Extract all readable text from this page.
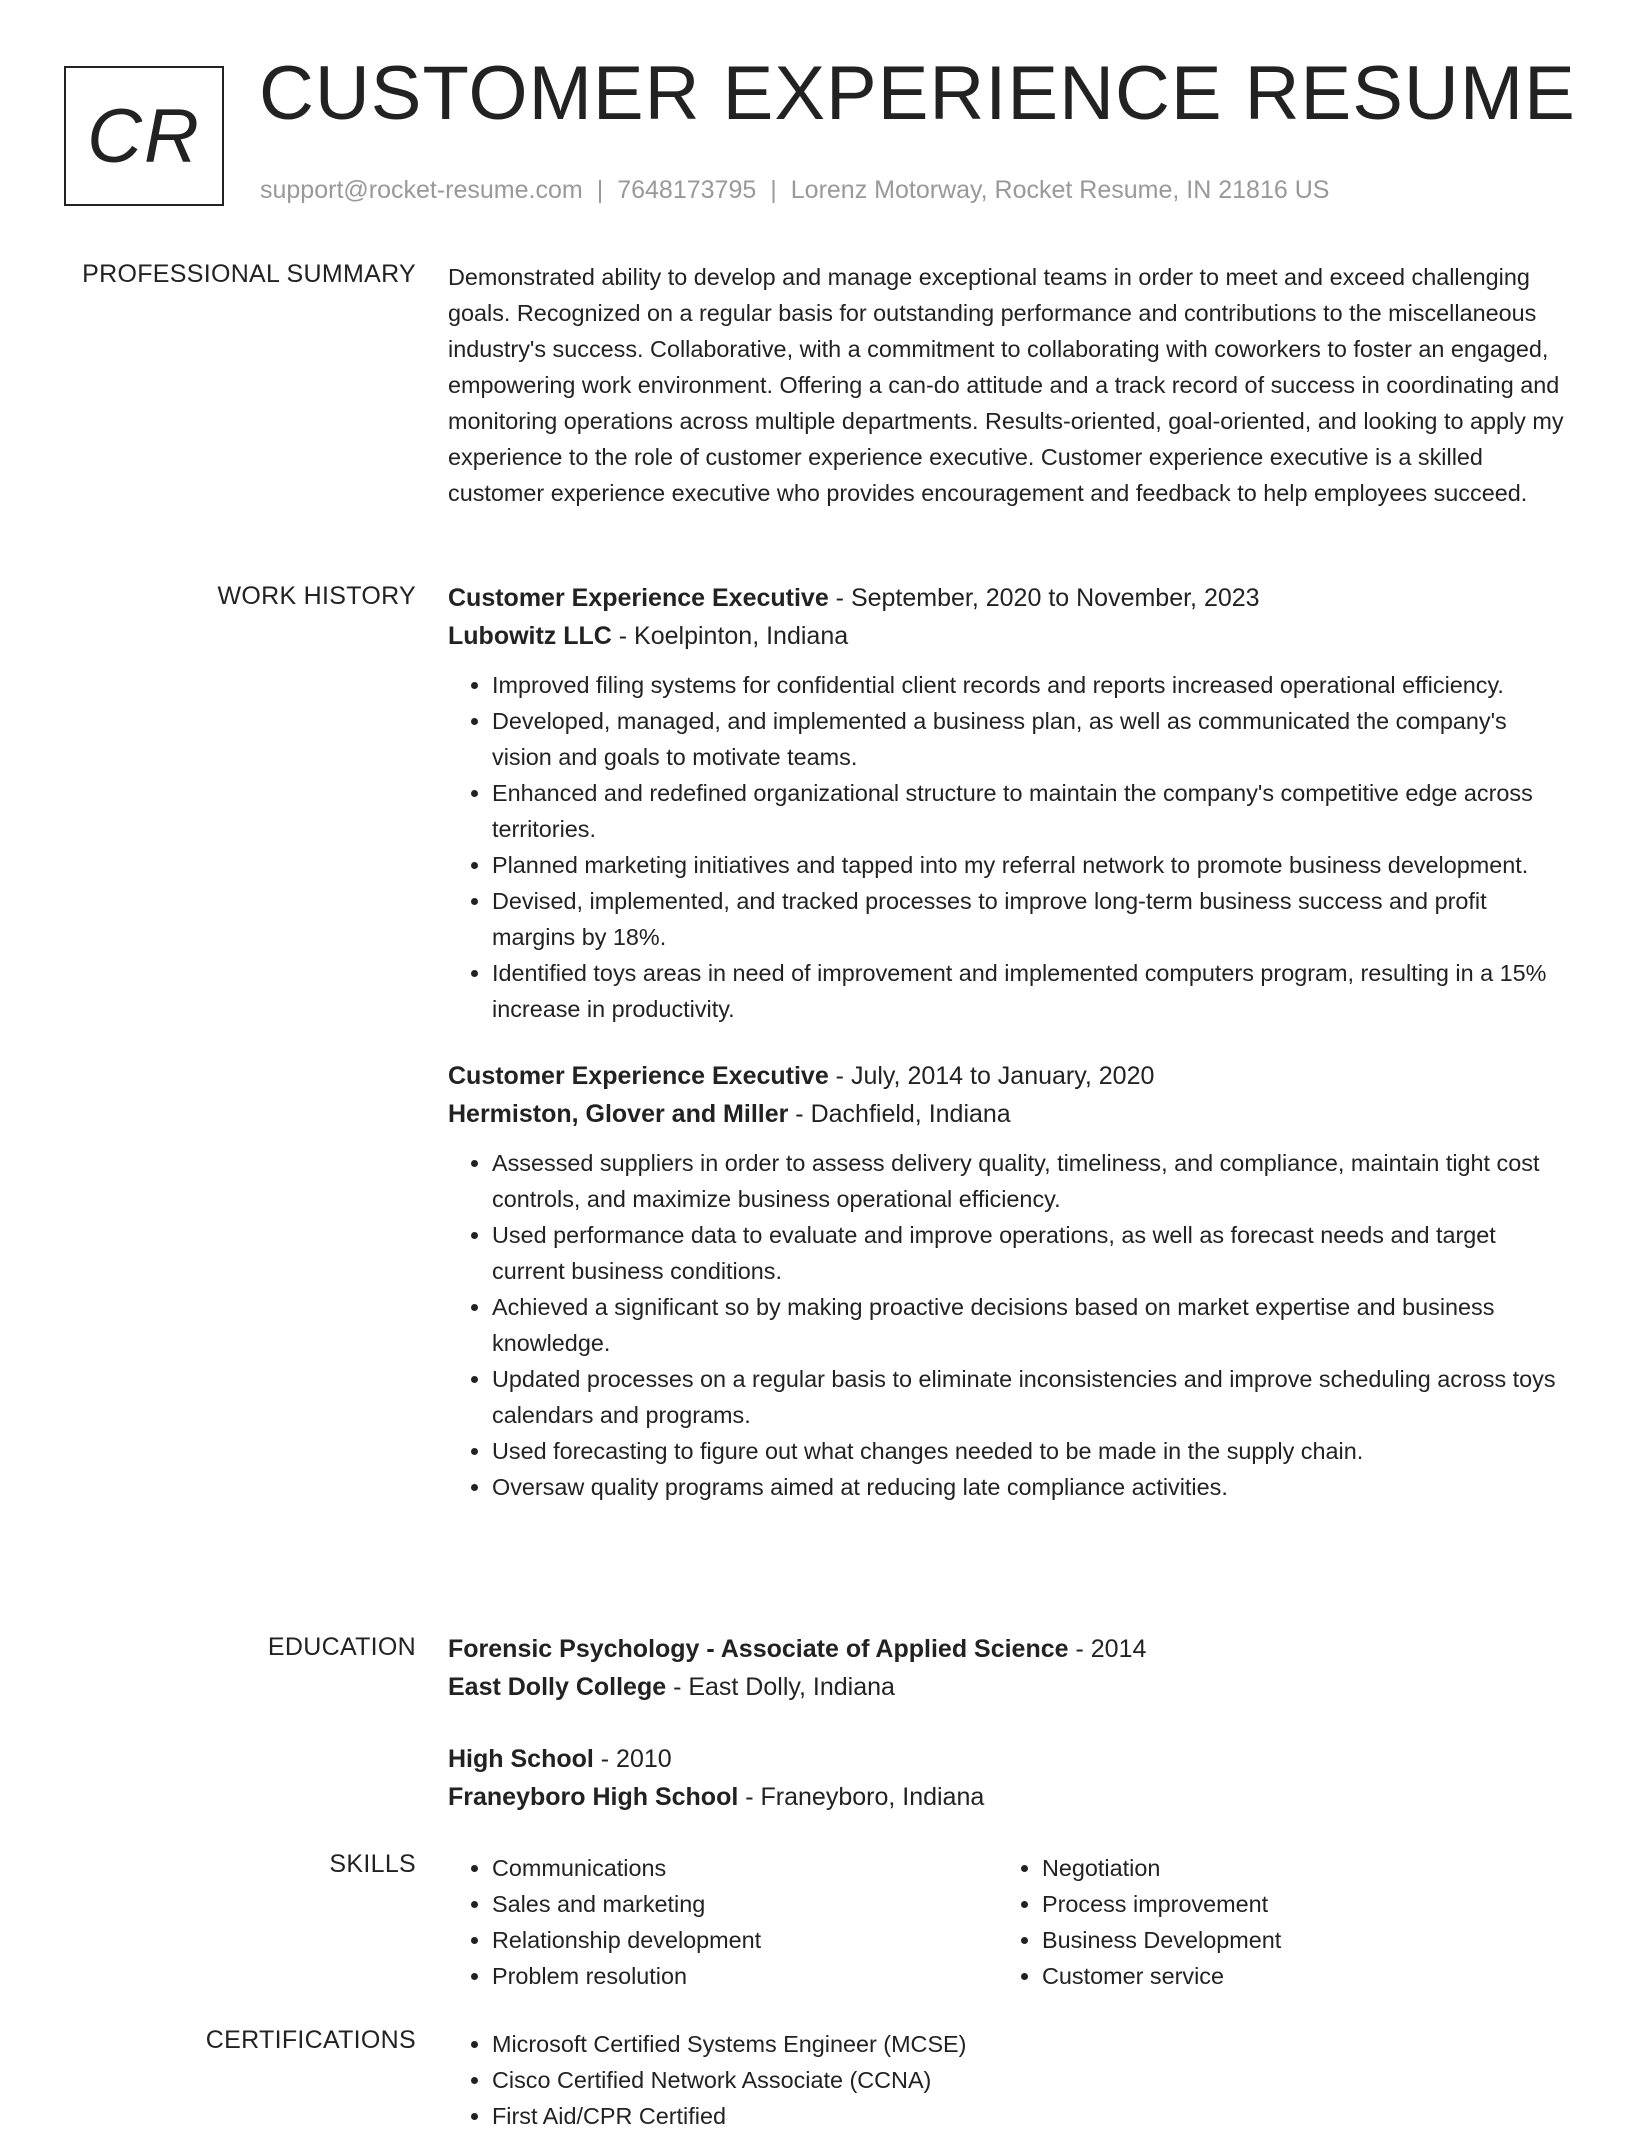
CR CUSTOMER EXPERIENCE RESUME
support@rocket-resume.com | 7648173795 | Lorenz Motorway, Rocket Resume, IN 21816 US
PROFESSIONAL SUMMARY Demonstrated ability to develop and manage exceptional teams in order to meet and exceed challenging goals. Recognized on a regular basis for outstanding performance and contributions to the miscellaneous industry's success. Collaborative, with a commitment to collaborating with coworkers to foster an engaged, empowering work environment. Offering a can-do attitude and a track record of success in coordinating and monitoring operations across multiple departments. Results-oriented, goal-oriented, and looking to apply my experience to the role of customer experience executive. Customer experience executive is a skilled customer experience executive who provides encouragement and feedback to help employees succeed.

WORK HISTORY Customer Experience Executive - September, 2020 to November, 2023
Lubowitz LLC - Koelpinton, Indiana
• Improved filing systems for confidential client records and reports increased operational efficiency.
• Developed, managed, and implemented a business plan, as well as communicated the company's vision and goals to motivate teams.
• Enhanced and redefined organizational structure to maintain the company's competitive edge across territories.
• Planned marketing initiatives and tapped into my referral network to promote business development.
• Devised, implemented, and tracked processes to improve long-term business success and profit margins by 18%.
• Identified toys areas in need of improvement and implemented computers program, resulting in a 15% increase in productivity.
Customer Experience Executive - July, 2014 to January, 2020
Hermiston, Glover and Miller - Dachfield, Indiana
• Assessed suppliers in order to assess delivery quality, timeliness, and compliance, maintain tight cost controls, and maximize business operational efficiency.
• Used performance data to evaluate and improve operations, as well as forecast needs and target current business conditions.
• Achieved a significant so by making proactive decisions based on market expertise and business knowledge.
• Updated processes on a regular basis to eliminate inconsistencies and improve scheduling across toys calendars and programs.
• Used forecasting to figure out what changes needed to be made in the supply chain.
• Oversaw quality programs aimed at reducing late compliance activities.
EDUCATION Forensic Psychology - Associate of Applied Science - 2014
East Dolly College - East Dolly, Indiana
High School - 2010
Franeyboro High School - Franeyboro, Indiana
SKILLS	• Communications
• Sales and marketing
• Relationship development
• Problem resolution
• Negotiation
• Process improvement
• Business Development
• Customer service
CERTIFICATIONS	• Microsoft Certified Systems Engineer (MCSE)
• Cisco Certified Network Associate (CCNA)
• First Aid/CPR Certified
